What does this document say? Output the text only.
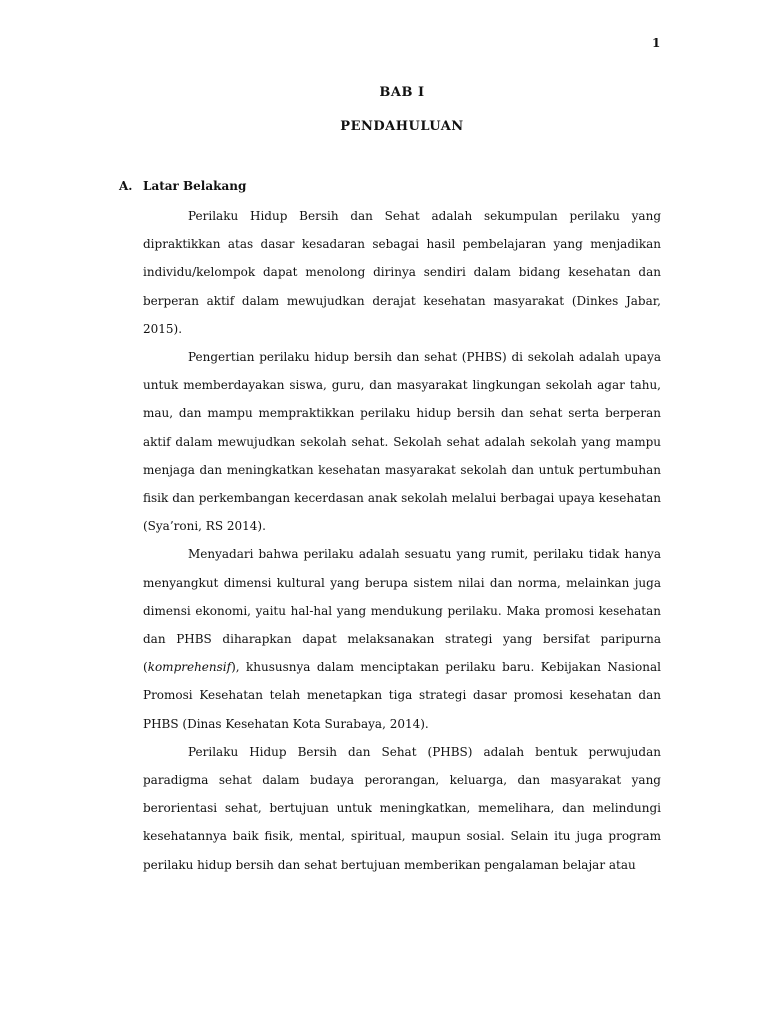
1
BAB I
PENDAHULUAN
A. Latar Belakang

Perilaku Hidup Bersih dan Sehat adalah sekumpulan perilaku yang dipraktikkan atas dasar kesadaran sebagai hasil pembelajaran yang menjadikan individu/kelompok dapat menolong dirinya sendiri dalam bidang kesehatan dan berperan aktif dalam mewujudkan derajat kesehatan masyarakat (Dinkes Jabar, 2015).

Pengertian perilaku hidup bersih dan sehat (PHBS) di sekolah adalah upaya untuk memberdayakan siswa, guru, dan masyarakat lingkungan sekolah agar tahu, mau, dan mampu mempraktikkan perilaku hidup bersih dan sehat serta berperan aktif dalam mewujudkan sekolah sehat. Sekolah sehat adalah sekolah yang mampu menjaga dan meningkatkan kesehatan masyarakat sekolah dan untuk pertumbuhan fisik dan perkembangan kecerdasan anak sekolah melalui berbagai upaya kesehatan (Sya’roni, RS 2014).

Menyadari bahwa perilaku adalah sesuatu yang rumit, perilaku tidak hanya menyangkut dimensi kultural yang berupa sistem nilai dan norma, melainkan juga dimensi ekonomi, yaitu hal-hal yang mendukung perilaku. Maka promosi kesehatan dan PHBS diharapkan dapat melaksanakan strategi yang bersifat paripurna (komprehensif), khususnya dalam menciptakan perilaku baru. Kebijakan Nasional Promosi Kesehatan telah menetapkan tiga strategi dasar promosi kesehatan dan PHBS (Dinas Kesehatan Kota Surabaya, 2014).

Perilaku Hidup Bersih dan Sehat (PHBS) adalah bentuk perwujudan paradigma sehat dalam budaya perorangan, keluarga, dan masyarakat yang berorientasi sehat, bertujuan untuk meningkatkan, memelihara, dan melindungi kesehatannya baik fisik, mental, spiritual, maupun sosial. Selain itu juga program perilaku hidup bersih dan sehat bertujuan memberikan pengalaman belajar atau
